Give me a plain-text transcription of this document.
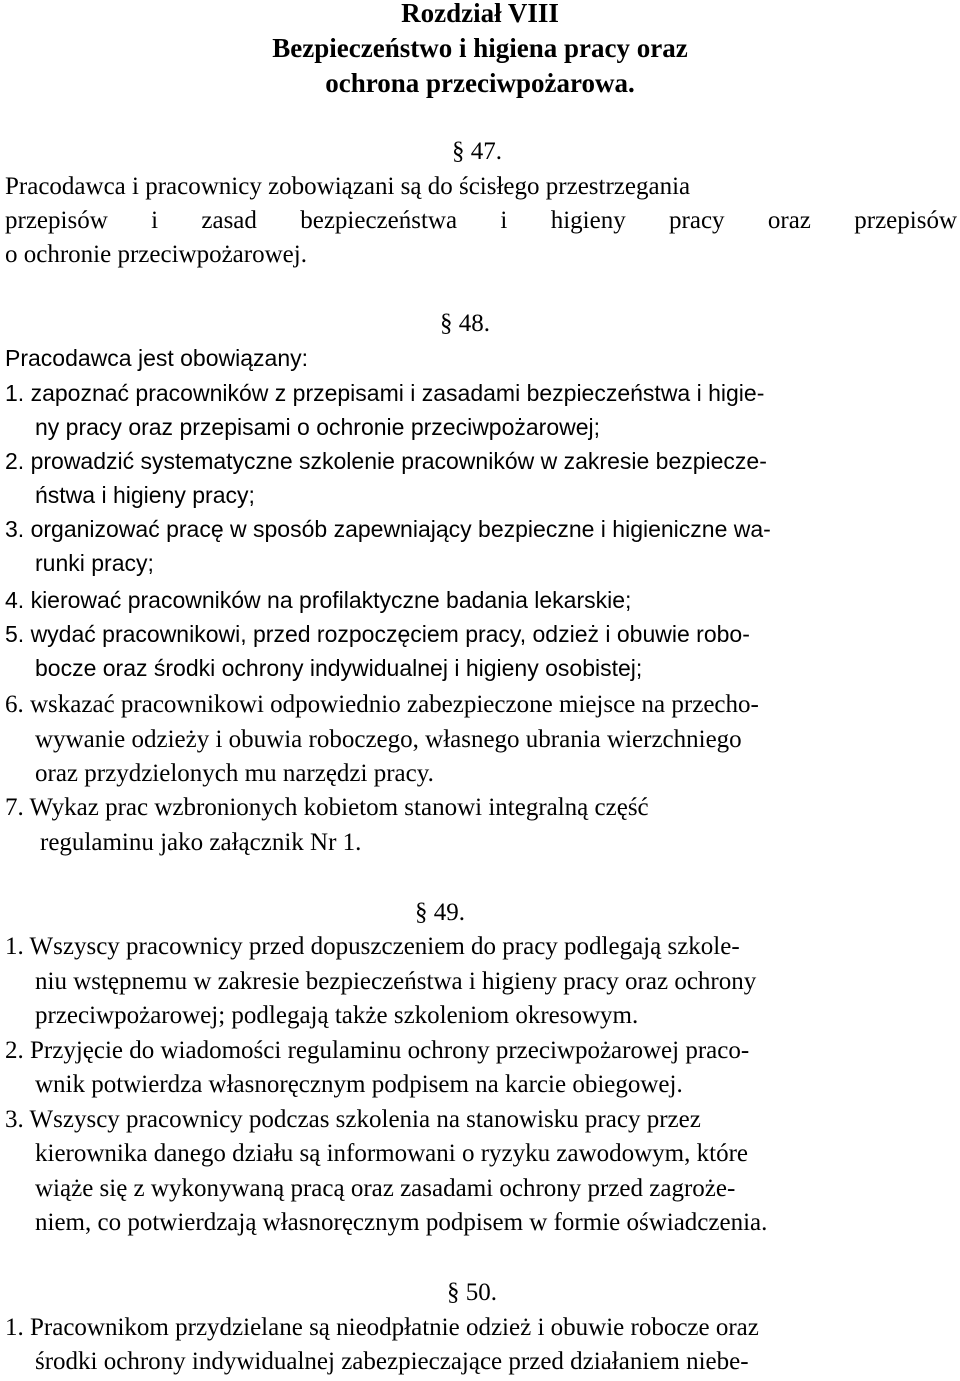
Rozdział VIII
Bezpieczeństwo i higiena pracy oraz
ochrona przeciwpożarowa.
§ 47.
Pracodawca i pracownicy zobowiązani są do ścisłego przestrzegania
przepisów i zasad bezpieczeństwa i higieny pracy oraz przepisów
o ochronie przeciwpożarowej.
§ 48.
Pracodawca jest obowiązany:
1. zapoznać pracowników z przepisami i zasadami bezpieczeństwa i higie-
ny pracy oraz przepisami o ochronie przeciwpożarowej;
2. prowadzić systematyczne szkolenie pracowników w zakresie bezpiecze-
ństwa i higieny pracy;
3. organizować pracę w sposób zapewniający bezpieczne i higieniczne wa-
runki pracy;
4. kierować pracowników na profilaktyczne badania lekarskie;
5. wydać pracownikowi, przed rozpoczęciem pracy, odzież i obuwie robo-
bocze oraz środki ochrony indywidualnej i higieny osobistej;
6. wskazać pracownikowi odpowiednio zabezpieczone miejsce na przecho-
wywanie odzieży i obuwia roboczego, własnego ubrania wierzchniego
oraz przydzielonych mu narzędzi pracy.
7. Wykaz prac wzbronionych kobietom stanowi integralną część
regulaminu jako załącznik Nr 1.
§ 49.
1. Wszyscy pracownicy przed dopuszczeniem do pracy podlegają szkole-
niu wstępnemu w zakresie bezpieczeństwa i higieny pracy oraz ochrony
przeciwpożarowej; podlegają także szkoleniom okresowym.
2. Przyjęcie do wiadomości regulaminu ochrony przeciwpożarowej praco-
wnik potwierdza własnoręcznym podpisem na karcie obiegowej.
3. Wszyscy pracownicy podczas szkolenia na stanowisku pracy przez
kierownika danego działu są informowani o ryzyku zawodowym, które
wiąże się z wykonywaną pracą oraz zasadami ochrony przed zagroże-
niem, co potwierdzają własnoręcznym podpisem w formie oświadczenia.
§ 50.
1. Pracownikom przydzielane są nieodpłatnie odzież i obuwie robocze oraz
środki ochrony indywidualnej zabezpieczające przed działaniem niebe-
